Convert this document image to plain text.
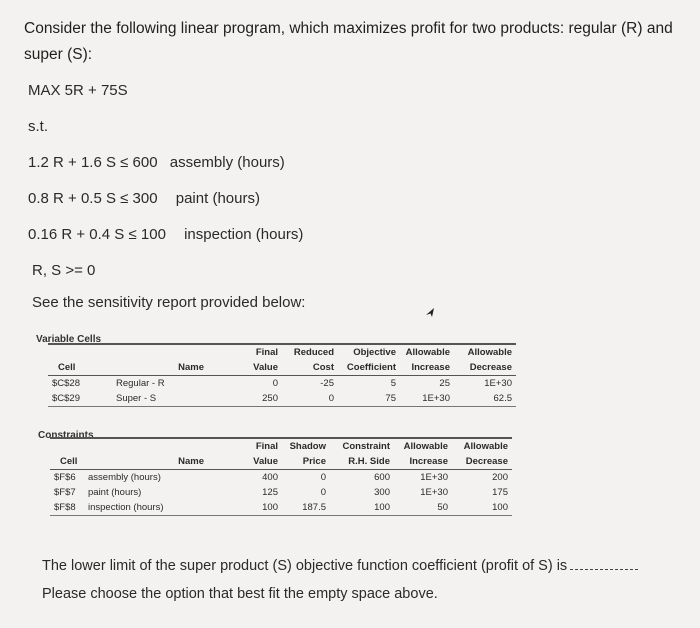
Consider the following linear program, which maximizes profit for two products: regular (R) and super (S):
MAX 5R + 75S
s.t.
1.2 R + 1.6 S ≤ 600 assembly (hours)
0.8 R + 0.5 S ≤ 300 paint (hours)
0.16 R + 0.4 S ≤ 100 inspection (hours)
R, S >= 0
See the sensitivity report provided below:
Variable Cells
		Final	Reduced	Objective	Allowable	Allowable
Cell	Name	Value	Cost	Coefficient	Increase	Decrease
$C$28	Regular - R	0	-25	5	25	1E+30
$C$29	Super - S	250	0	75	1E+30	62.5
Constraints
		Final	Shadow	Constraint	Allowable	Allowable
Cell	Name	Value	Price	R.H. Side	Increase	Decrease
$F$6	assembly (hours)	400	0	600	1E+30	200
$F$7	paint (hours)	125	0	300	1E+30	175
$F$8	inspection (hours)	100	187.5	100	50	100
The lower limit of the super product (S) objective function coefficient (profit of S) is
Please choose the option that best fit the empty space above.
